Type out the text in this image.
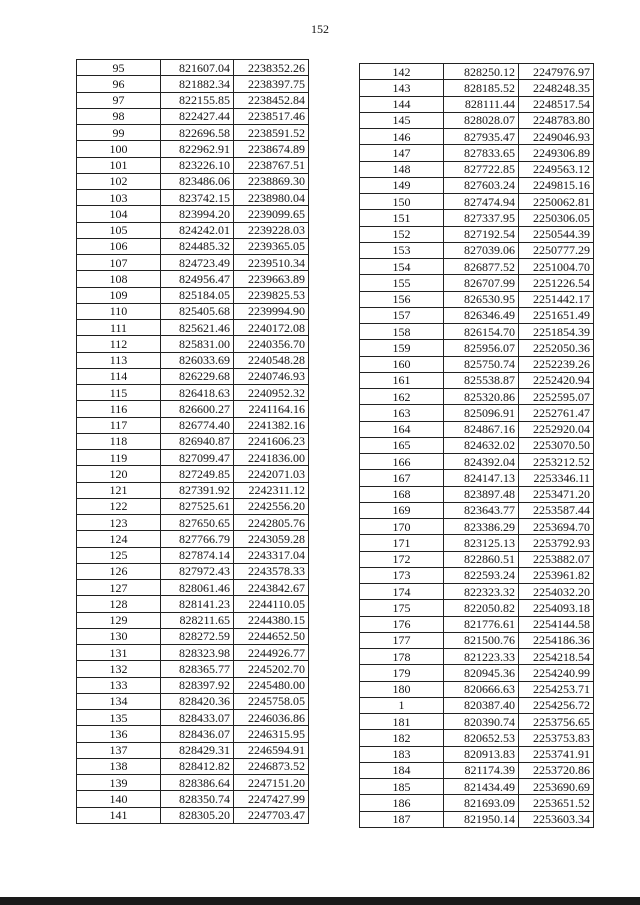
152
95	821607.04	2238352.26
96	821882.34	2238397.75
97	822155.85	2238452.84
98	822427.44	2238517.46
99	822696.58	2238591.52
100	822962.91	2238674.89
101	823226.10	2238767.51
102	823486.06	2238869.30
103	823742.15	2238980.04
104	823994.20	2239099.65
105	824242.01	2239228.03
106	824485.32	2239365.05
107	824723.49	2239510.34
108	824956.47	2239663.89
109	825184.05	2239825.53
110	825405.68	2239994.90
111	825621.46	2240172.08
112	825831.00	2240356.70
113	826033.69	2240548.28
114	826229.68	2240746.93
115	826418.63	2240952.32
116	826600.27	2241164.16
117	826774.40	2241382.16
118	826940.87	2241606.23
119	827099.47	2241836.00
120	827249.85	2242071.03
121	827391.92	2242311.12
122	827525.61	2242556.20
123	827650.65	2242805.76
124	827766.79	2243059.28
125	827874.14	2243317.04
126	827972.43	2243578.33
127	828061.46	2243842.67
128	828141.23	2244110.05
129	828211.65	2244380.15
130	828272.59	2244652.50
131	828323.98	2244926.77
132	828365.77	2245202.70
133	828397.92	2245480.00
134	828420.36	2245758.05
135	828433.07	2246036.86
136	828436.07	2246315.95
137	828429.31	2246594.91
138	828412.82	2246873.52
139	828386.64	2247151.20
140	828350.74	2247427.99
141	828305.20	2247703.47
142	828250.12	2247976.97
143	828185.52	2248248.35
144	828111.44	2248517.54
145	828028.07	2248783.80
146	827935.47	2249046.93
147	827833.65	2249306.89
148	827722.85	2249563.12
149	827603.24	2249815.16
150	827474.94	2250062.81
151	827337.95	2250306.05
152	827192.54	2250544.39
153	827039.06	2250777.29
154	826877.52	2251004.70
155	826707.99	2251226.54
156	826530.95	2251442.17
157	826346.49	2251651.49
158	826154.70	2251854.39
159	825956.07	2252050.36
160	825750.74	2252239.26
161	825538.87	2252420.94
162	825320.86	2252595.07
163	825096.91	2252761.47
164	824867.16	2252920.04
165	824632.02	2253070.50
166	824392.04	2253212.52
167	824147.13	2253346.11
168	823897.48	2253471.20
169	823643.77	2253587.44
170	823386.29	2253694.70
171	823125.13	2253792.93
172	822860.51	2253882.07
173	822593.24	2253961.82
174	822323.32	2254032.20
175	822050.82	2254093.18
176	821776.61	2254144.58
177	821500.76	2254186.36
178	821223.33	2254218.54
179	820945.36	2254240.99
180	820666.63	2254253.71
1	820387.40	2254256.72
181	820390.74	2253756.65
182	820652.53	2253753.83
183	820913.83	2253741.91
184	821174.39	2253720.86
185	821434.49	2253690.69
186	821693.09	2253651.52
187	821950.14	2253603.34
